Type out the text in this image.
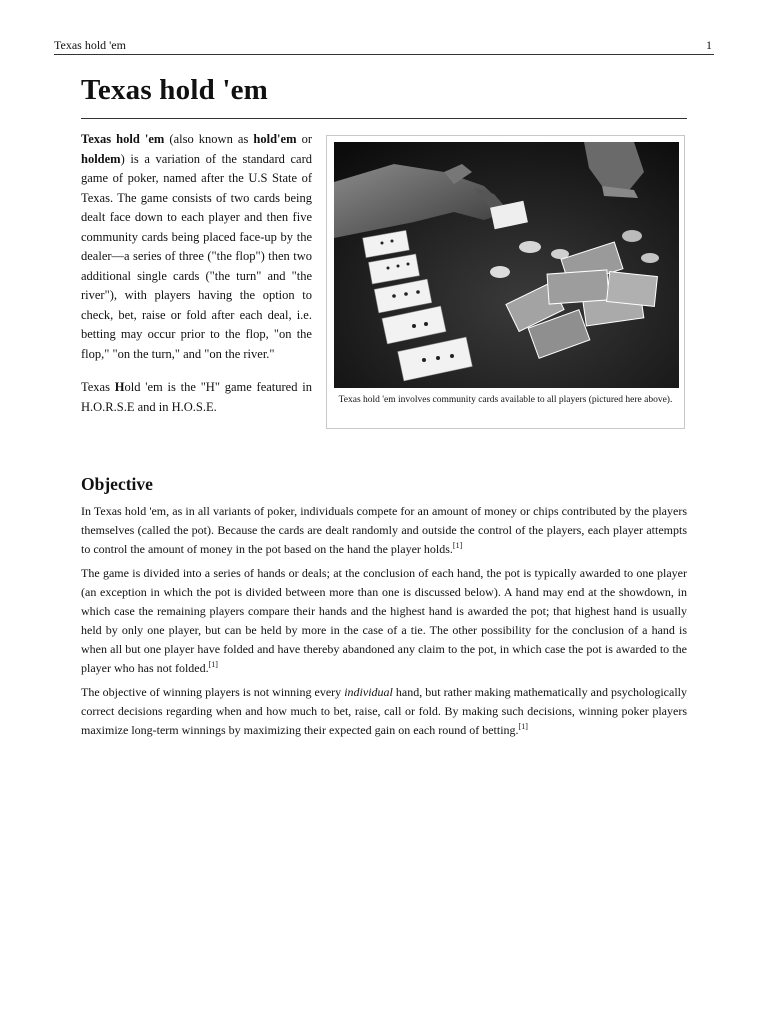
Texas hold 'em	1
Texas hold 'em

Texas hold 'em (also known as hold'em or holdem) is a variation of the standard card game of poker, named after the U.S State of Texas. The game consists of two cards being dealt face down to each player and then five community cards being placed face-up by the dealer—a series of three ("the flop") then two additional single cards ("the turn" and "the river"), with players having the option to check, bet, raise or fold after each deal, i.e. betting may occur prior to the flop, "on the flop," "on the turn," and "on the river."

Texas Hold 'em is the "H" game featured in H.O.R.S.E and in H.O.S.E.	Texas hold 'em involves community cards available to all players (pictured here above).
Objective

In Texas hold 'em, as in all variants of poker, individuals compete for an amount of money or chips contributed by the players themselves (called the pot). Because the cards are dealt randomly and outside the control of the players, each player attempts to control the amount of money in the pot based on the hand the player holds.[1]

The game is divided into a series of hands or deals; at the conclusion of each hand, the pot is typically awarded to one player (an exception in which the pot is divided between more than one is discussed below). A hand may end at the showdown, in which case the remaining players compare their hands and the highest hand is awarded the pot; that highest hand is usually held by only one player, but can be held by more in the case of a tie. The other possibility for the conclusion of a hand is when all but one player have folded and have thereby abandoned any claim to the pot, in which case the pot is awarded to the player who has not folded.[1]

The objective of winning players is not winning every individual hand, but rather making mathematically and psychologically correct decisions regarding when and how much to bet, raise, call or fold. By making such decisions, winning poker players maximize long-term winnings by maximizing their expected gain on each round of betting.[1]
